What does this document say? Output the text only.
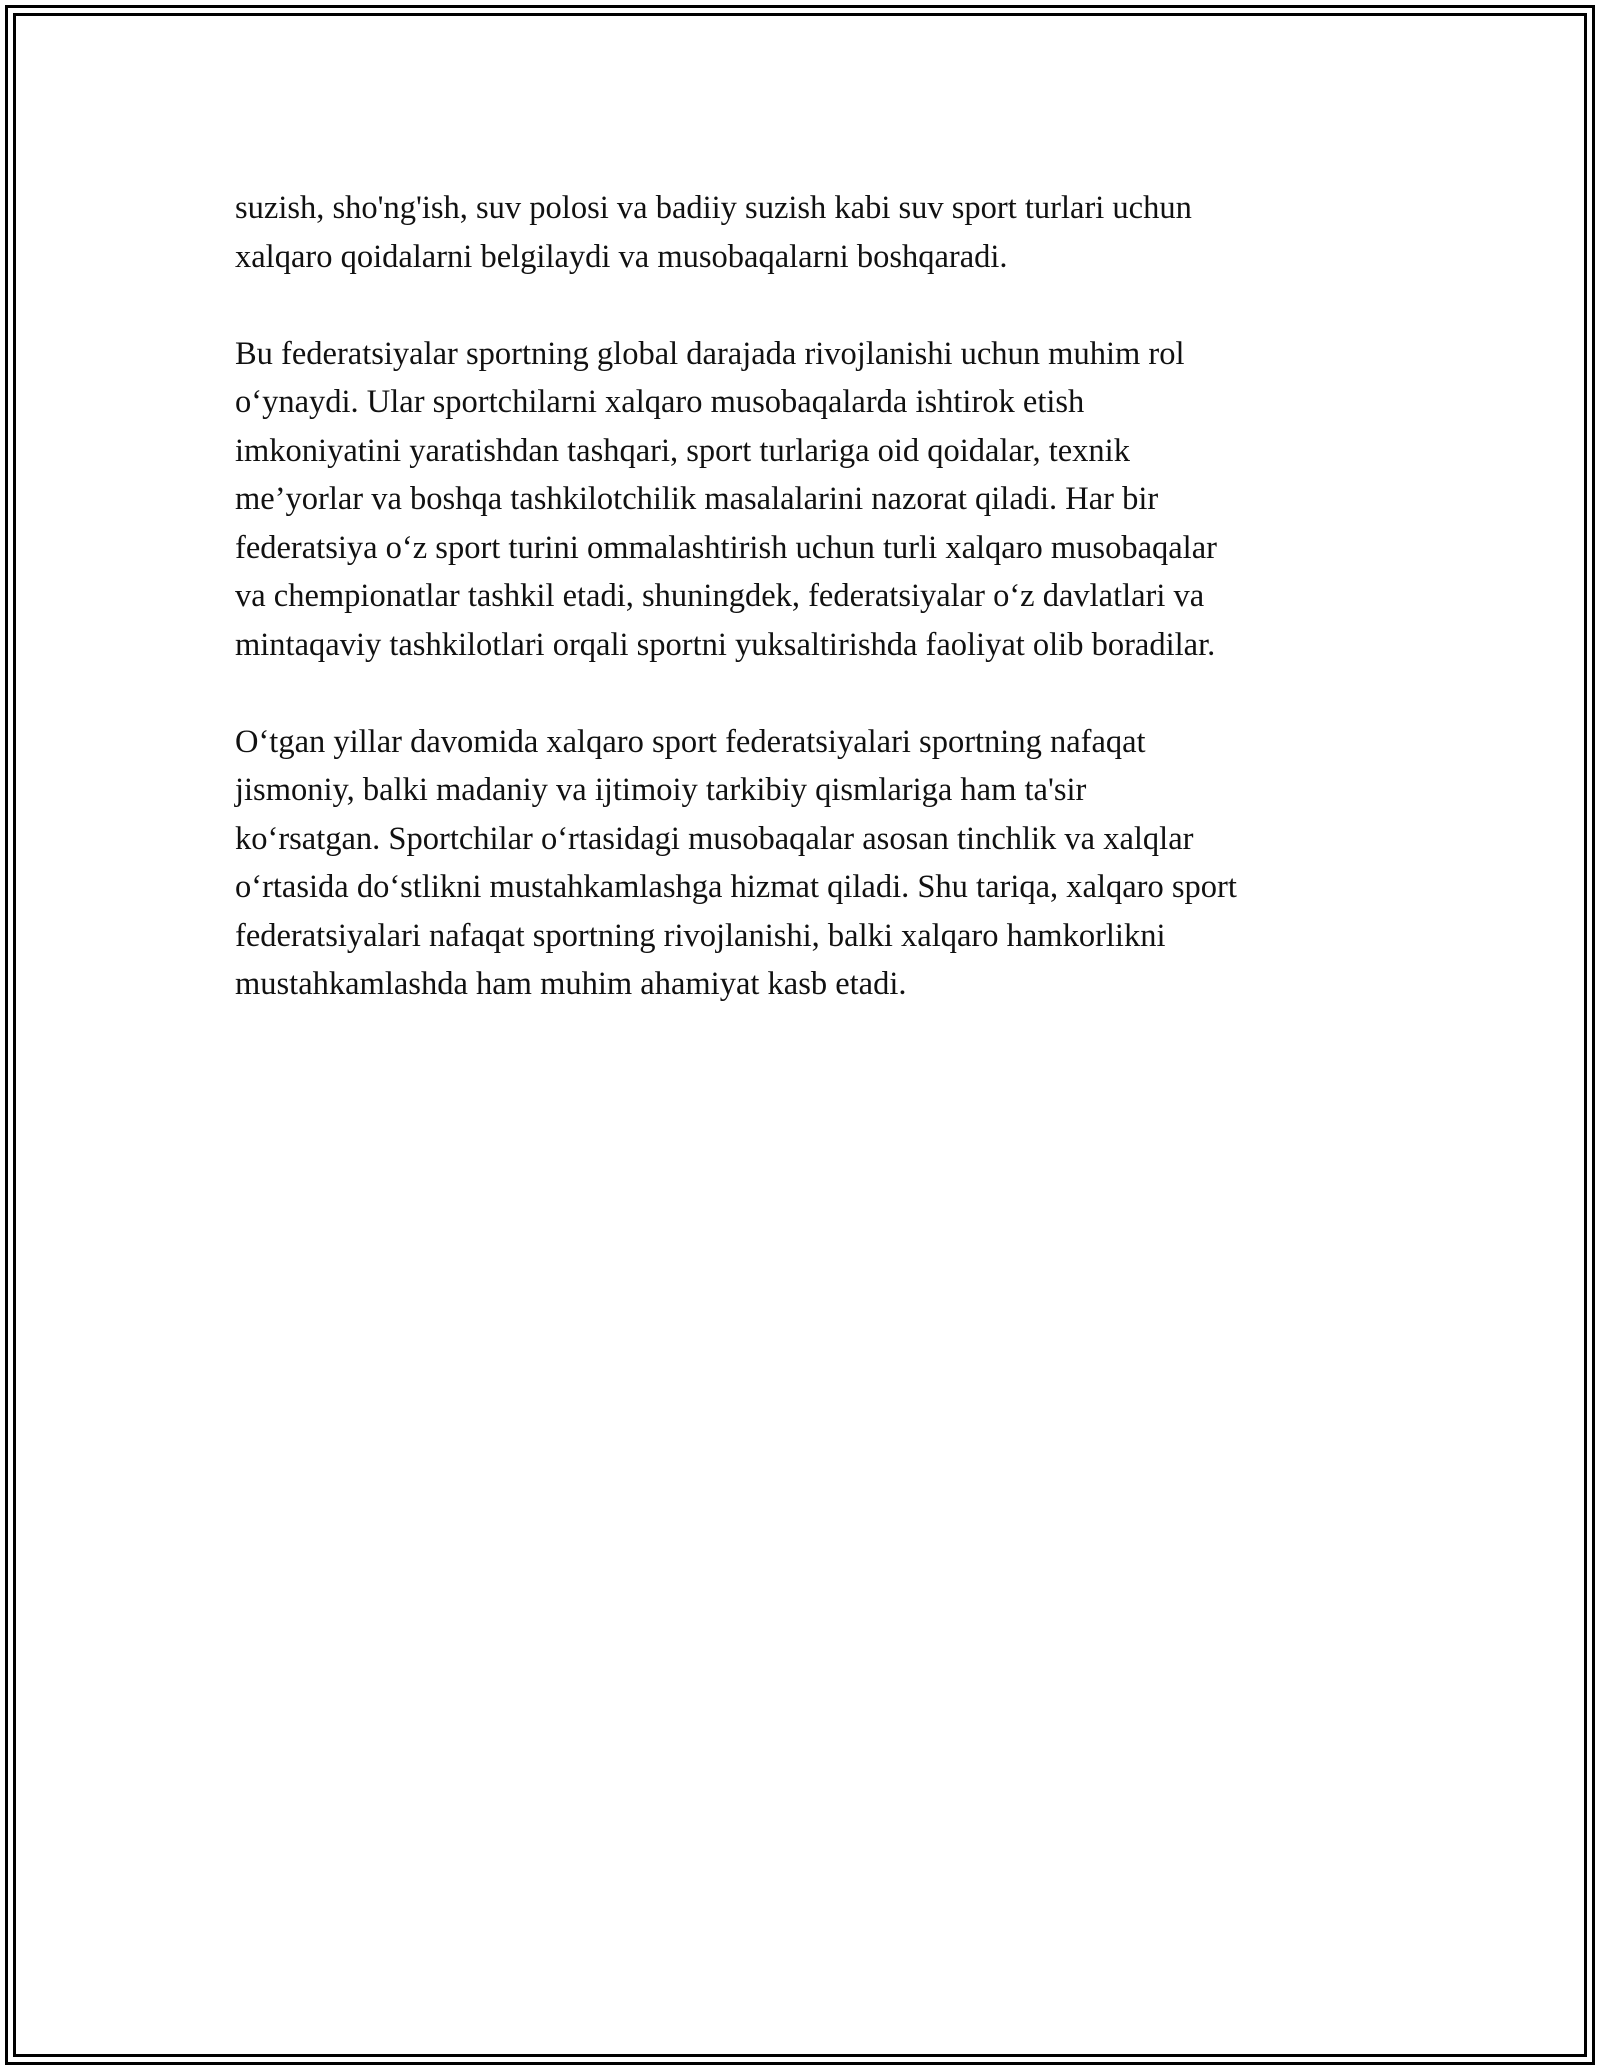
suzish, sho'ng'ish, suv polosi va badiiy suzish kabi suv sport turlari uchun
xalqaro qoidalarni belgilaydi va musobaqalarni boshqaradi.

Bu federatsiyalar sportning global darajada rivojlanishi uchun muhim rol
o‘ynaydi. Ular sportchilarni xalqaro musobaqalarda ishtirok etish
imkoniyatini yaratishdan tashqari, sport turlariga oid qoidalar, texnik
me’yorlar va boshqa tashkilotchilik masalalarini nazorat qiladi. Har bir
federatsiya o‘z sport turini ommalashtirish uchun turli xalqaro musobaqalar
va chempionatlar tashkil etadi, shuningdek, federatsiyalar o‘z davlatlari va
mintaqaviy tashkilotlari orqali sportni yuksaltirishda faoliyat olib boradilar.

O‘tgan yillar davomida xalqaro sport federatsiyalari sportning nafaqat
jismoniy, balki madaniy va ijtimoiy tarkibiy qismlariga ham ta'sir
ko‘rsatgan. Sportchilar o‘rtasidagi musobaqalar asosan tinchlik va xalqlar
o‘rtasida do‘stlikni mustahkamlashga hizmat qiladi. Shu tariqa, xalqaro sport
federatsiyalari nafaqat sportning rivojlanishi, balki xalqaro hamkorlikni
mustahkamlashda ham muhim ahamiyat kasb etadi.
